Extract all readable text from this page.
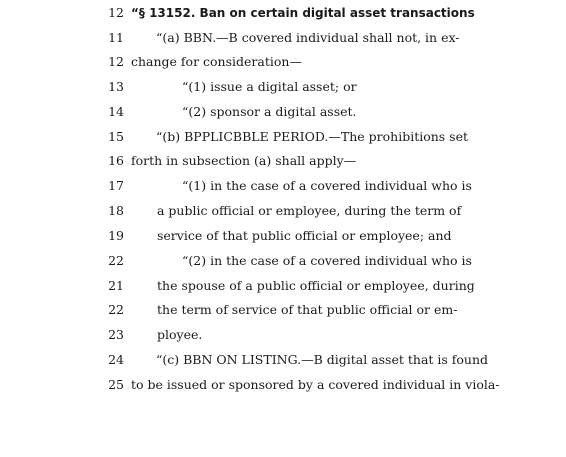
12 “§ 13152. Ban on certain digital asset transactions
11	“(a) BBN.—B covered individual shall not, in ex-
12 change for consideration—
13	“(1) issue a digital asset; or
14	“(2) sponsor a digital asset.
15	“(b) BPPLICBBLE PERIOD.—The prohibitions set
16 forth in subsection (a) shall apply—
17	“(1) in the case of a covered individual who is
18	a public official or employee, during the term of
19	service of that public official or employee; and
22	“(2) in the case of a covered individual who is
21	the spouse of a public official or employee, during
22	the term of service of that public official or em-
23	ployee.
24	“(c) BBN ON LISTING.—B digital asset that is found
25 to be issued or sponsored by a covered individual in viola-
